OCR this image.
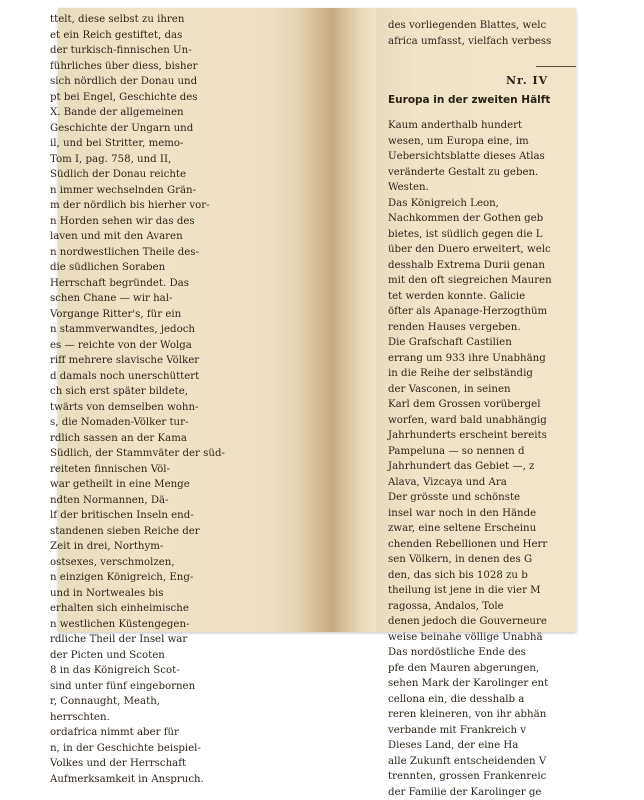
ttelt, diese selbst zu ihren
et ein Reich gestiftet, das
der turkisch-finnischen Un-
führliches über diess, bisher
sich nördlich der Donau und
pt bei Engel, Geschichte des
X. Bande der allgemeinen
Geschichte der Ungarn und
il, und bei Stritter, memo-
Tom I, pag. 758, und II,
Südlich der Donau reichte
n immer wechselnden Grän-
m der nördlich bis hierher vor-
n Horden sehen wir das des
laven und mit den Avaren
n nordwestlichen Theile des-
die südlichen Soraben
Herrschaft begründet. Das
schen Chane — wir hal-
Vorgange Ritter's, für ein
n stammverwandtes, jedoch
es — reichte von der Wolga
riff mehrere slavische Völker
d damals noch unerschüttert
ch sich erst später bildete,
twärts von demselben wohn-
s, die Nomaden-Völker tur-
rdlich sassen an der Kama
Südlich, der Stammväter der süd-
reiteten finnischen Völ-
war getheilt in eine Menge
ndten Normannen, Dä-
lf der britischen Inseln end-
standenen sieben Reiche der
Zeit in drei, Northym-
ostsexes, verschmolzen,
n einzigen Königreich, Eng-
und in Nortweales bis
erhalten sich einheimische
n westlichen Küstengegen-
rdliche Theil der Insel war
der Picten und Scoten
8 in das Königreich Scot-
sind unter fünf eingebornen
r, Connaught, Meath,
herrschten.
ordafrica nimmt aber für
n, in der Geschichte beispiel-
Volkes und der Herrschaft
Aufmerksamkeit in Anspruch.
des vorliegenden Blattes, welc
africa umfasst, vielfach verbess
Kaum anderthalb hundert
wesen, um Europa eine, im
Uebersichtsblatte dieses Atlas
veränderte Gestalt zu geben.
Westen.
Das Königreich Leon,
Nachkommen der Gothen geb
bietes, ist südlich gegen die L
über den Duero erweitert, welc
desshalb Extrema Durii genan
mit den oft siegreichen Mauren
tet werden konnte. Galicie
öfter als Apanage-Herzogthüm
renden Hauses vergeben.
Die Grafschaft Castilien
errang um 933 ihre Unabhäng
in die Reihe der selbständig
der Vasconen, in seinen
Karl dem Grossen vorübergel
worfen, ward bald unabhängig
Jahrhunderts erscheint bereits
Pampeluna — so nennen d
Jahrhundert das Gebiet —, z
Alava, Vizcaya und Ara
Der grösste und schönste
insel war noch in den Hände
zwar, eine seltene Erscheinu
chenden Rebellionen und Herr
sen Völkern, in denen des G
den, das sich bis 1028 zu b
theilung ist jene in die vier M
ragossa, Andalos, Tole
denen jedoch die Gouverneure
weise beinahe völlige Unabhä
Das nordöstliche Ende des
pfe den Mauren abgerungen,
sehen Mark der Karolinger ent
cellona ein, die desshalb a
reren kleineren, von ihr abhän
verbande mit Frankreich v
Dieses Land, der eine Ha
alle Zukunft entscheidenden V
trennten, grossen Frankenreic
der Familie der Karolinger ge
Nr. IV
Europa in der zweiten Hälft
